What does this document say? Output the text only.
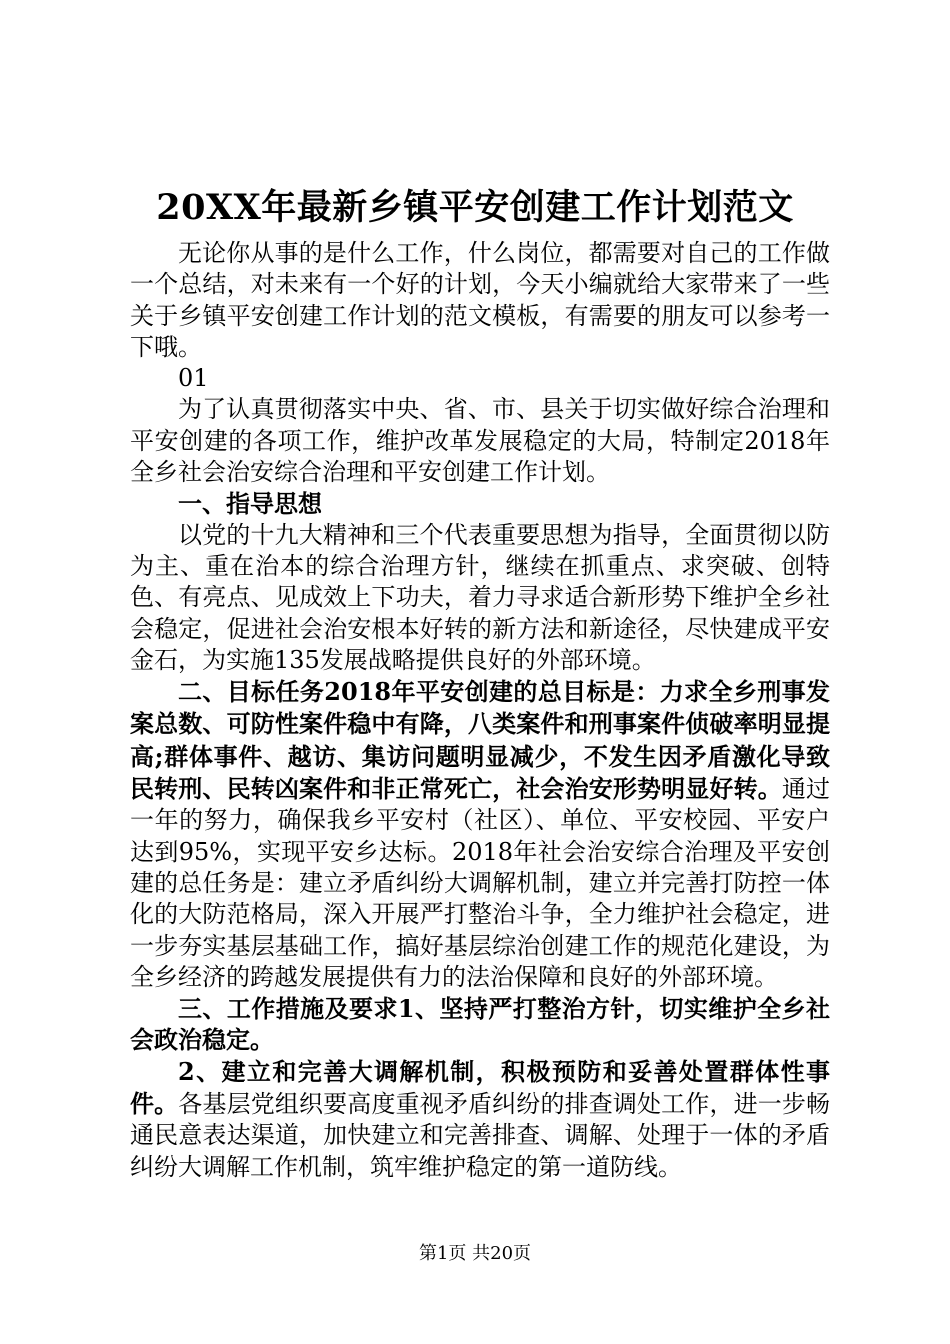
20XX年最新乡镇平安创建工作计划范文

无论你从事的是什么工作，什么岗位，都需要对自己的工作做一个总结，对未来有一个好的计划，今天小编就给大家带来了一些关于乡镇平安创建工作计划的范文模板，有需要的朋友可以参考一下哦。

01

为了认真贯彻落实中央、省、市、县关于切实做好综合治理和平安创建的各项工作，维护改革发展稳定的大局，特制定2018年全乡社会治安综合治理和平安创建工作计划。

一、指导思想

以党的十九大精神和三个代表重要思想为指导，全面贯彻以防为主、重在治本的综合治理方针，继续在抓重点、求突破、创特色、有亮点、见成效上下功夫，着力寻求适合新形势下维护全乡社会稳定，促进社会治安根本好转的新方法和新途径，尽快建成平安金石，为实施135发展战略提供良好的外部环境。

二、目标任务2018年平安创建的总目标是：力求全乡刑事发案总数、可防性案件稳中有降，八类案件和刑事案件侦破率明显提高;群体事件、越访、集访问题明显减少，不发生因矛盾激化导致民转刑、民转凶案件和非正常死亡，社会治安形势明显好转。通过一年的努力，确保我乡平安村（社区）、单位、平安校园、平安户达到95%，实现平安乡达标。2018年社会治安综合治理及平安创建的总任务是：建立矛盾纠纷大调解机制，建立并完善打防控一体化的大防范格局，深入开展严打整治斗争，全力维护社会稳定，进一步夯实基层基础工作，搞好基层综治创建工作的规范化建设，为全乡经济的跨越发展提供有力的法治保障和良好的外部环境。

三、工作措施及要求1、坚持严打整治方针，切实维护全乡社会政治稳定。

2、建立和完善大调解机制，积极预防和妥善处置群体性事件。各基层党组织要高度重视矛盾纠纷的排查调处工作，进一步畅通民意表达渠道，加快建立和完善排查、调解、处理于一体的矛盾纠纷大调解工作机制，筑牢维护稳定的第一道防线。

第1页 共20页
